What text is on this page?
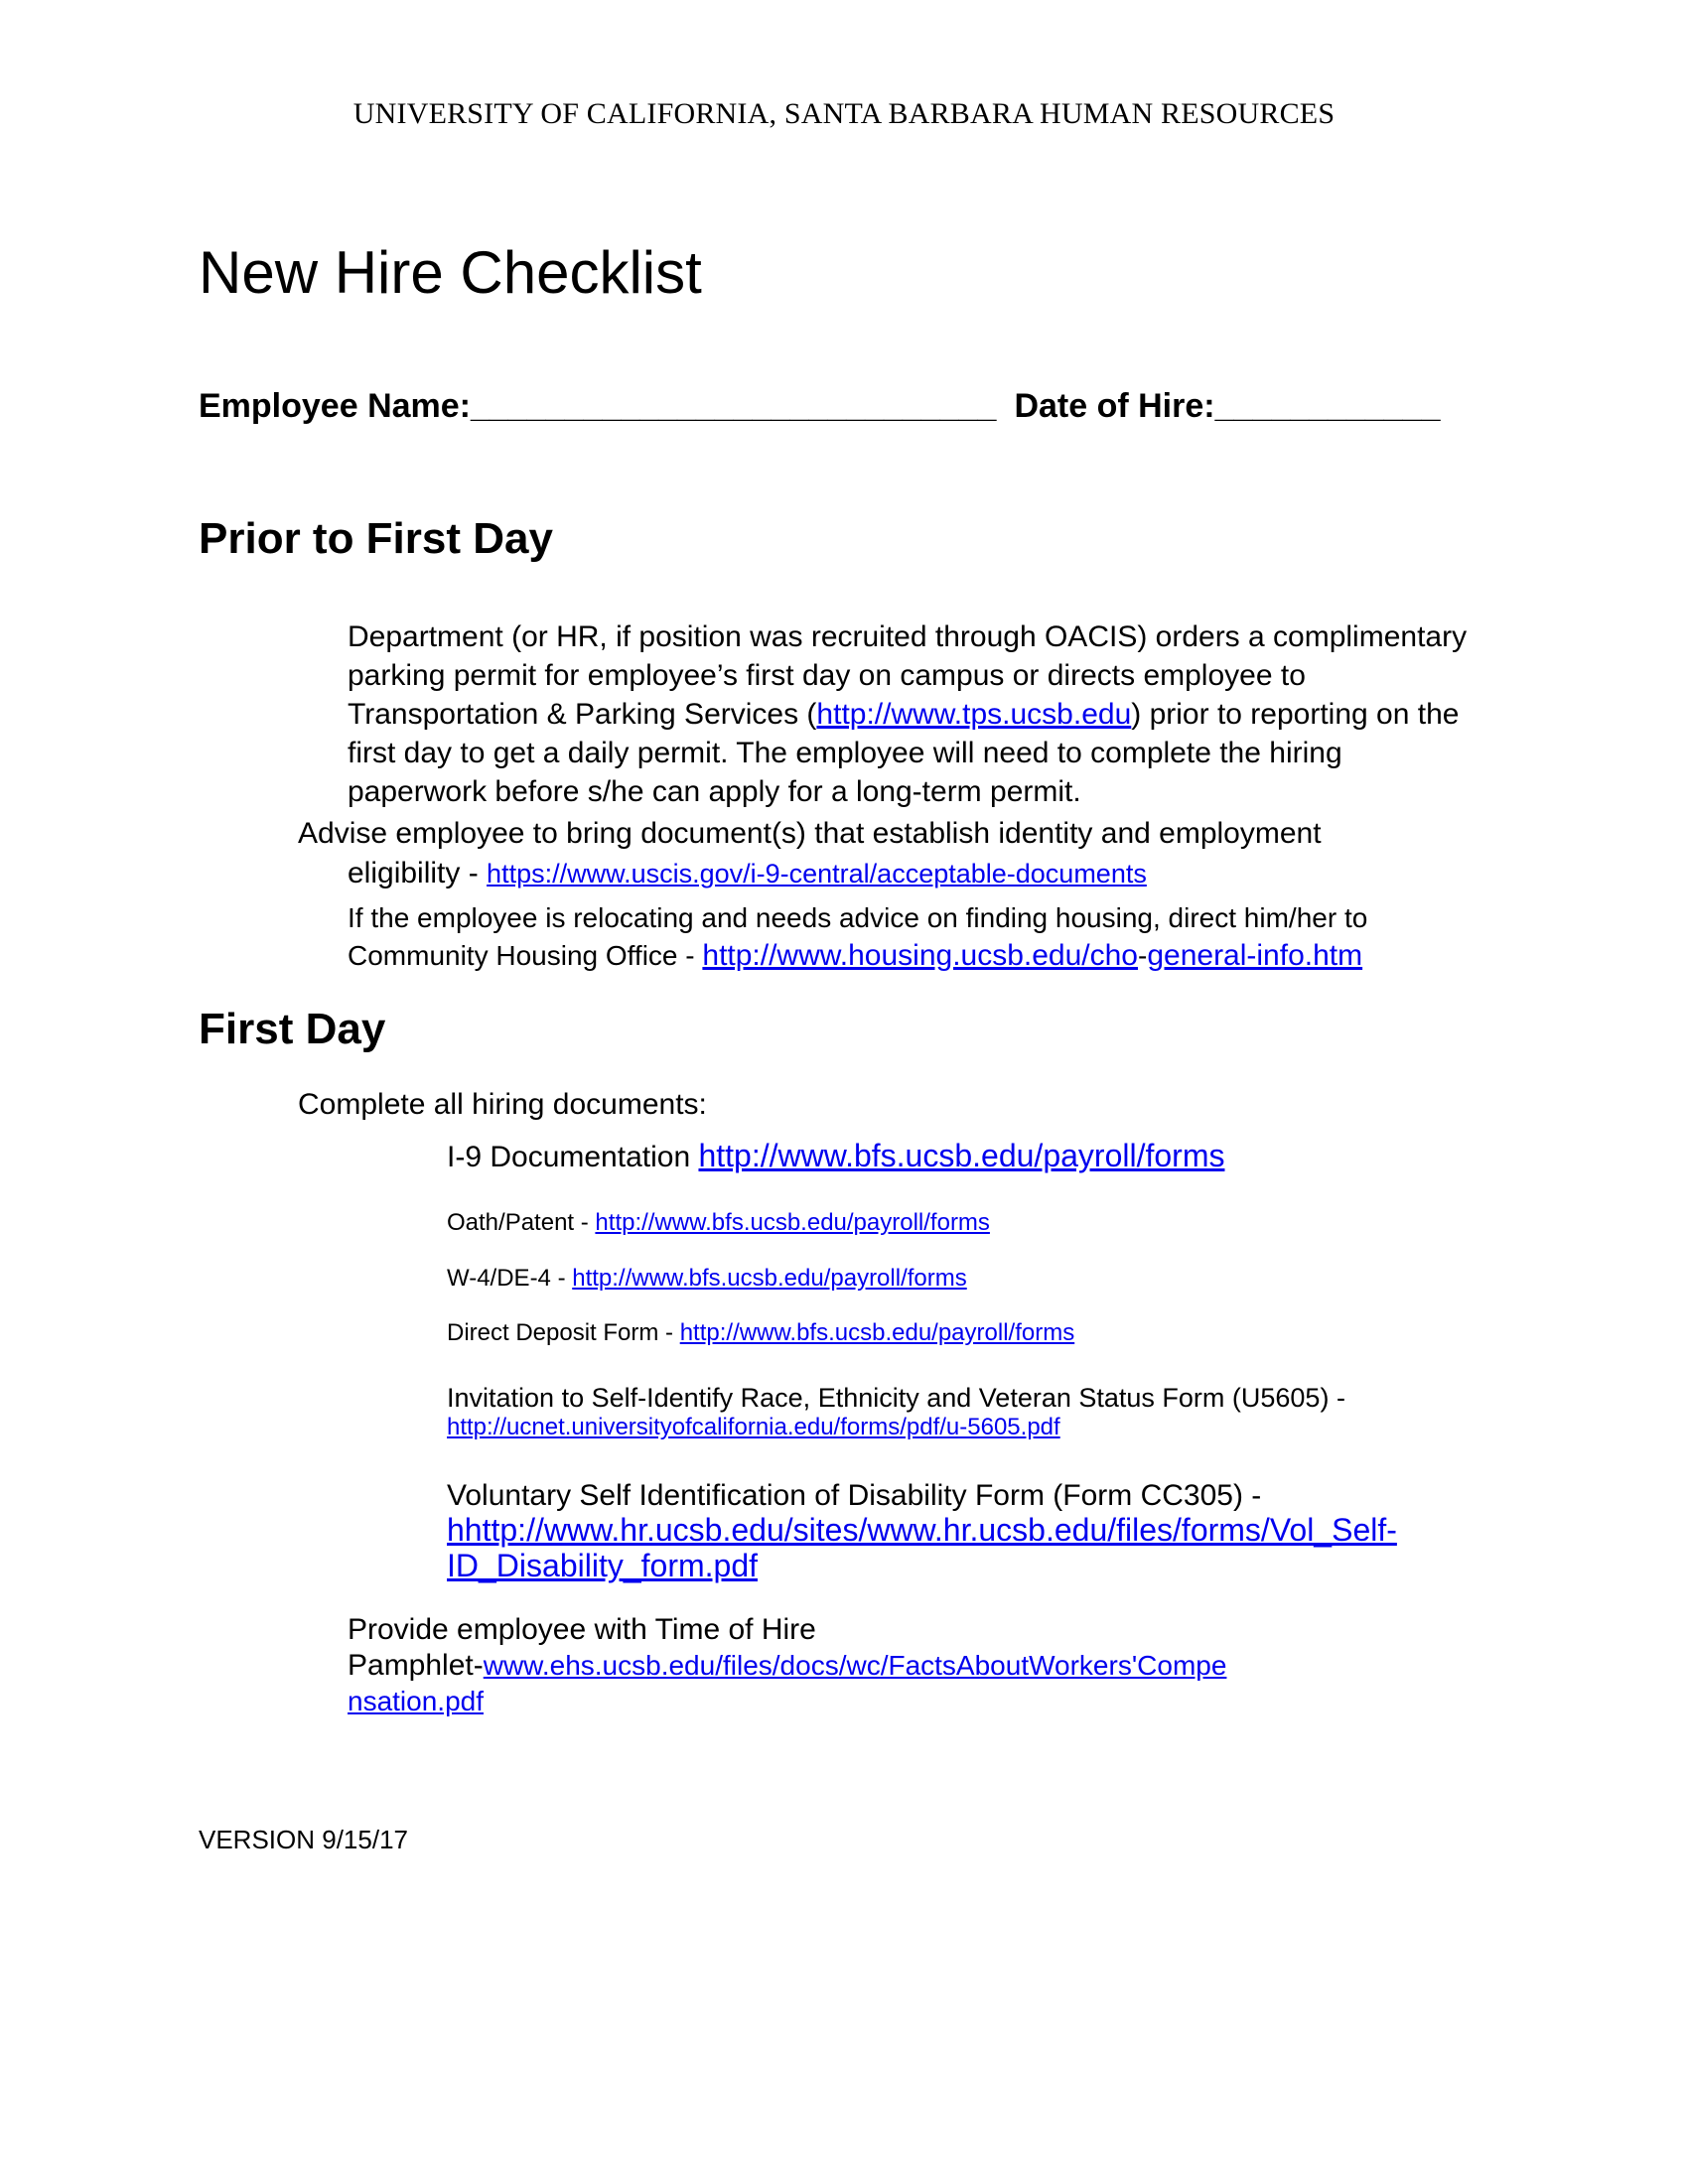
UNIVERSITY OF CALIFORNIA, SANTA BARBARA HUMAN RESOURCES
New Hire Checklist
Employee Name:____________________________ Date of Hire:____________
Prior to First Day
Department (or HR, if position was recruited through OACIS) orders a complimentary parking permit for employee’s first day on campus or directs employee to Transportation & Parking Services (http://www.tps.ucsb.edu) prior to reporting on the first day to get a daily permit. The employee will need to complete the hiring paperwork before s/he can apply for a long-term permit.
Advise employee to bring document(s) that establish identity and employment
eligibility - https://www.uscis.gov/i-9-central/acceptable-documents
If the employee is relocating and needs advice on finding housing, direct him/her to
Community Housing Office - http://www.housing.ucsb.edu/cho-general-info.htm
First Day
Complete all hiring documents:
I-9 Documentation http://www.bfs.ucsb.edu/payroll/forms
Oath/Patent - http://www.bfs.ucsb.edu/payroll/forms
W-4/DE-4 - http://www.bfs.ucsb.edu/payroll/forms
Direct Deposit Form - http://www.bfs.ucsb.edu/payroll/forms
Invitation to Self-Identify Race, Ethnicity and Veteran Status Form (U5605) -
http://ucnet.universityofcalifornia.edu/forms/pdf/u-5605.pdf
Voluntary Self Identification of Disability Form (Form CC305) -
hhttp://www.hr.ucsb.edu/sites/www.hr.ucsb.edu/files/forms/Vol_Self-
ID_Disability_form.pdf
Provide employee with Time of Hire
Pamphlet-www.ehs.ucsb.edu/files/docs/wc/FactsAboutWorkers'Compe
nsation.pdf
VERSION 9/15/17
